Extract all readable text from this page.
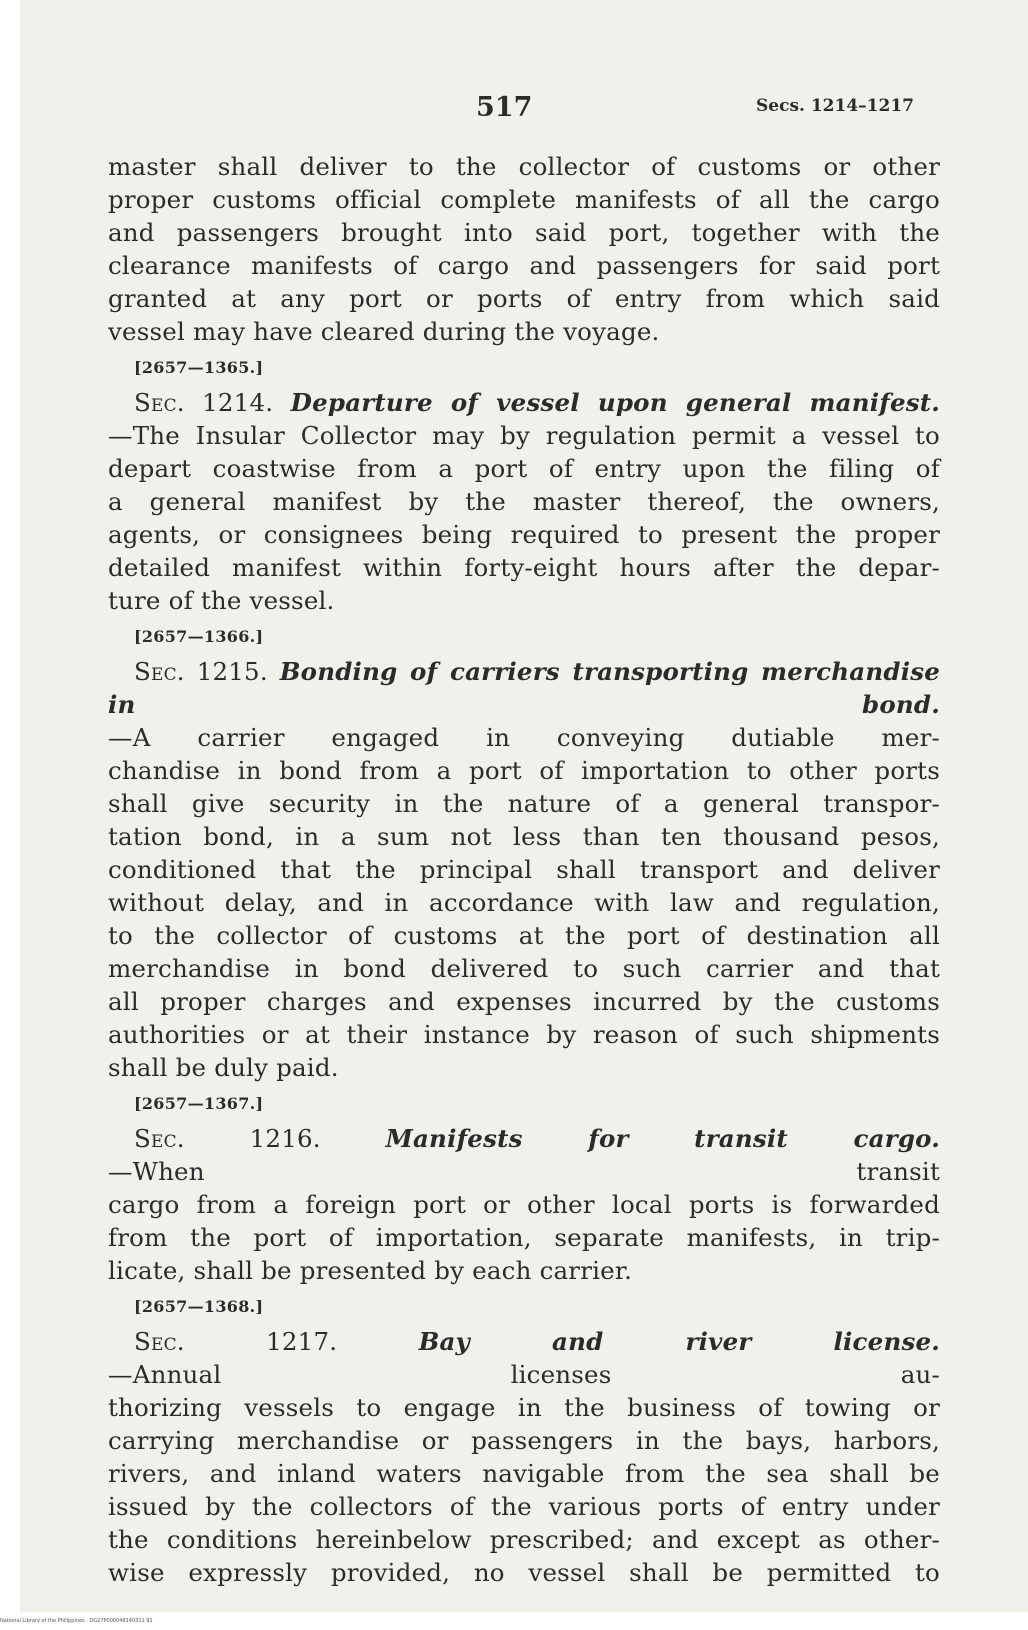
517	Secs. 1214–1217

master shall deliver to the collector of customs or other
proper customs official complete manifests of all the cargo
and passengers brought into said port, together with the
clearance manifests of cargo and passengers for said port
granted at any port or ports of entry from which said
vessel may have cleared during the voyage.

[2657—1365.]

Sec. 1214. Departure of vessel upon general manifest.
—The Insular Collector may by regulation permit a vessel to
depart coastwise from a port of entry upon the filing of
a general manifest by the master thereof, the owners,
agents, or consignees being required to present the proper
detailed manifest within forty-eight hours after the depar-
ture of the vessel.

[2657—1366.]

Sec. 1215. Bonding of carriers transporting merchandise in bond.
—A carrier engaged in conveying dutiable mer-
chandise in bond from a port of importation to other ports
shall give security in the nature of a general transpor-
tation bond, in a sum not less than ten thousand pesos,
conditioned that the principal shall transport and deliver
without delay, and in accordance with law and regulation,
to the collector of customs at the port of destination all
merchandise in bond delivered to such carrier and that
all proper charges and expenses incurred by the customs
authorities or at their instance by reason of such shipments
shall be duly paid.

[2657—1367.]

Sec. 1216.	Manifests for transit cargo.
—When transit
cargo from a foreign port or other local ports is forwarded
from the port of importation, separate manifests, in trip-
licate, shall be presented by each carrier.

[2657—1368.]

Sec. 1217.	Bay and river license.
—Annual licenses au-
thorizing vessels to engage in the business of towing or
carrying merchandise or passengers in the bays, harbors,
rivers, and inland waters navigable from the sea shall be
issued by the collectors of the various ports of entry under
the conditions hereinbelow prescribed; and except as other-
wise expressly provided, no vessel shall be permitted to

National Library of the Philippines · DG27P000048140311 91
